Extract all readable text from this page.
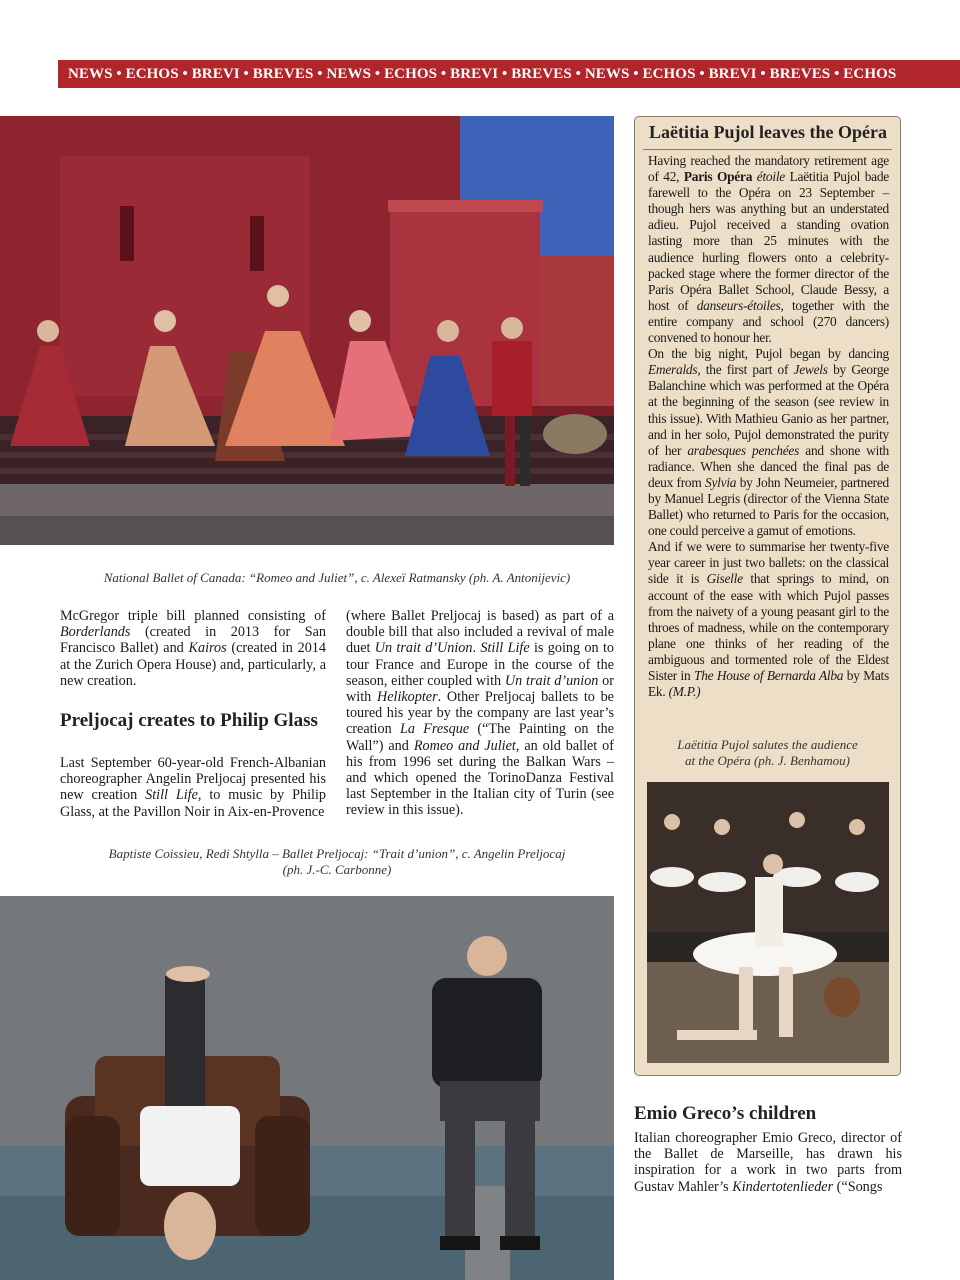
NEWS • ECHOS • BREVI • BREVES • NEWS • ECHOS • BREVI • BREVES • NEWS • ECHOS • BREVI • BREVES • ECHOS
National Ballet of Canada: “Romeo and Juliet”, c. Alexeï Ratmansky (ph. A. Antonijevic)

McGregor triple bill planned consisting of Borderlands (created in 2013 for San Francisco Ballet) and Kairos (created in 2014 at the Zurich Opera House) and, particularly, a new creation.

Preljocaj creates to Philip Glass

Last September 60-year-old French-Albanian choreographer Angelin Preljocaj presented his new creation Still Life, to music by Philip Glass, at the Pavillon Noir in Aix-en-Provence

(where Ballet Preljocaj is based) as part of a double bill that also included a revival of male duet Un trait d’Union. Still Life is going on to tour France and Europe in the course of the season, either coupled with Un trait d’union or with Helikopter. Other Preljocaj ballets to be toured his year by the company are last year’s creation La Fresque (“The Painting on the Wall”) and Romeo and Juliet, an old ballet of his from 1996 set during the Balkan Wars – and which opened the TorinoDanza Festival last September in the Italian city of Turin (see review in this issue).

Baptiste Coissieu, Redi Shtylla – Ballet Preljocaj: “Trait d’union”, c. Angelin Preljocaj
(ph. J.-C. Carbonne)
Laëtitia Pujol leaves the Opéra

Having reached the mandatory retirement age of 42, Paris Opéra étoile Laëtitia Pujol bade farewell to the Opéra on 23 September – though hers was anything but an understated adieu. Pujol received a standing ovation lasting more than 25 minutes with the audience hurling flowers onto a celebrity-packed stage where the former director of the Paris Opéra Ballet School, Claude Bessy, a host of danseurs-étoiles, together with the entire company and school (270 dancers) convened to honour her.

On the big night, Pujol began by dancing Emeralds, the first part of Jewels by George Balanchine which was performed at the Opéra at the beginning of the season (see review in this issue). With Mathieu Ganio as her partner, and in her solo, Pujol demonstrated the purity of her arabesques penchées and shone with radiance. When she danced the final pas de deux from Sylvia by John Neumeier, partnered by Manuel Legris (director of the Vienna State Ballet) who returned to Paris for the occasion, one could perceive a gamut of emotions.

And if we were to summarise her twenty-five year career in just two ballets: on the classical side it is Giselle that springs to mind, on account of the ease with which Pujol passes from the naivety of a young peasant girl to the throes of madness, while on the contemporary plane one thinks of her reading of the ambiguous and tormented role of the Eldest Sister in The House of Bernarda Alba by Mats Ek. (M.P.)

Laëtitia Pujol salutes the audience
at the Opéra (ph. J. Benhamou)
Emio Greco’s children

Italian choreographer Emio Greco, director of the Ballet de Marseille, has drawn his inspiration for a work in two parts from Gustav Mahler’s Kindertotenlieder (“Songs
